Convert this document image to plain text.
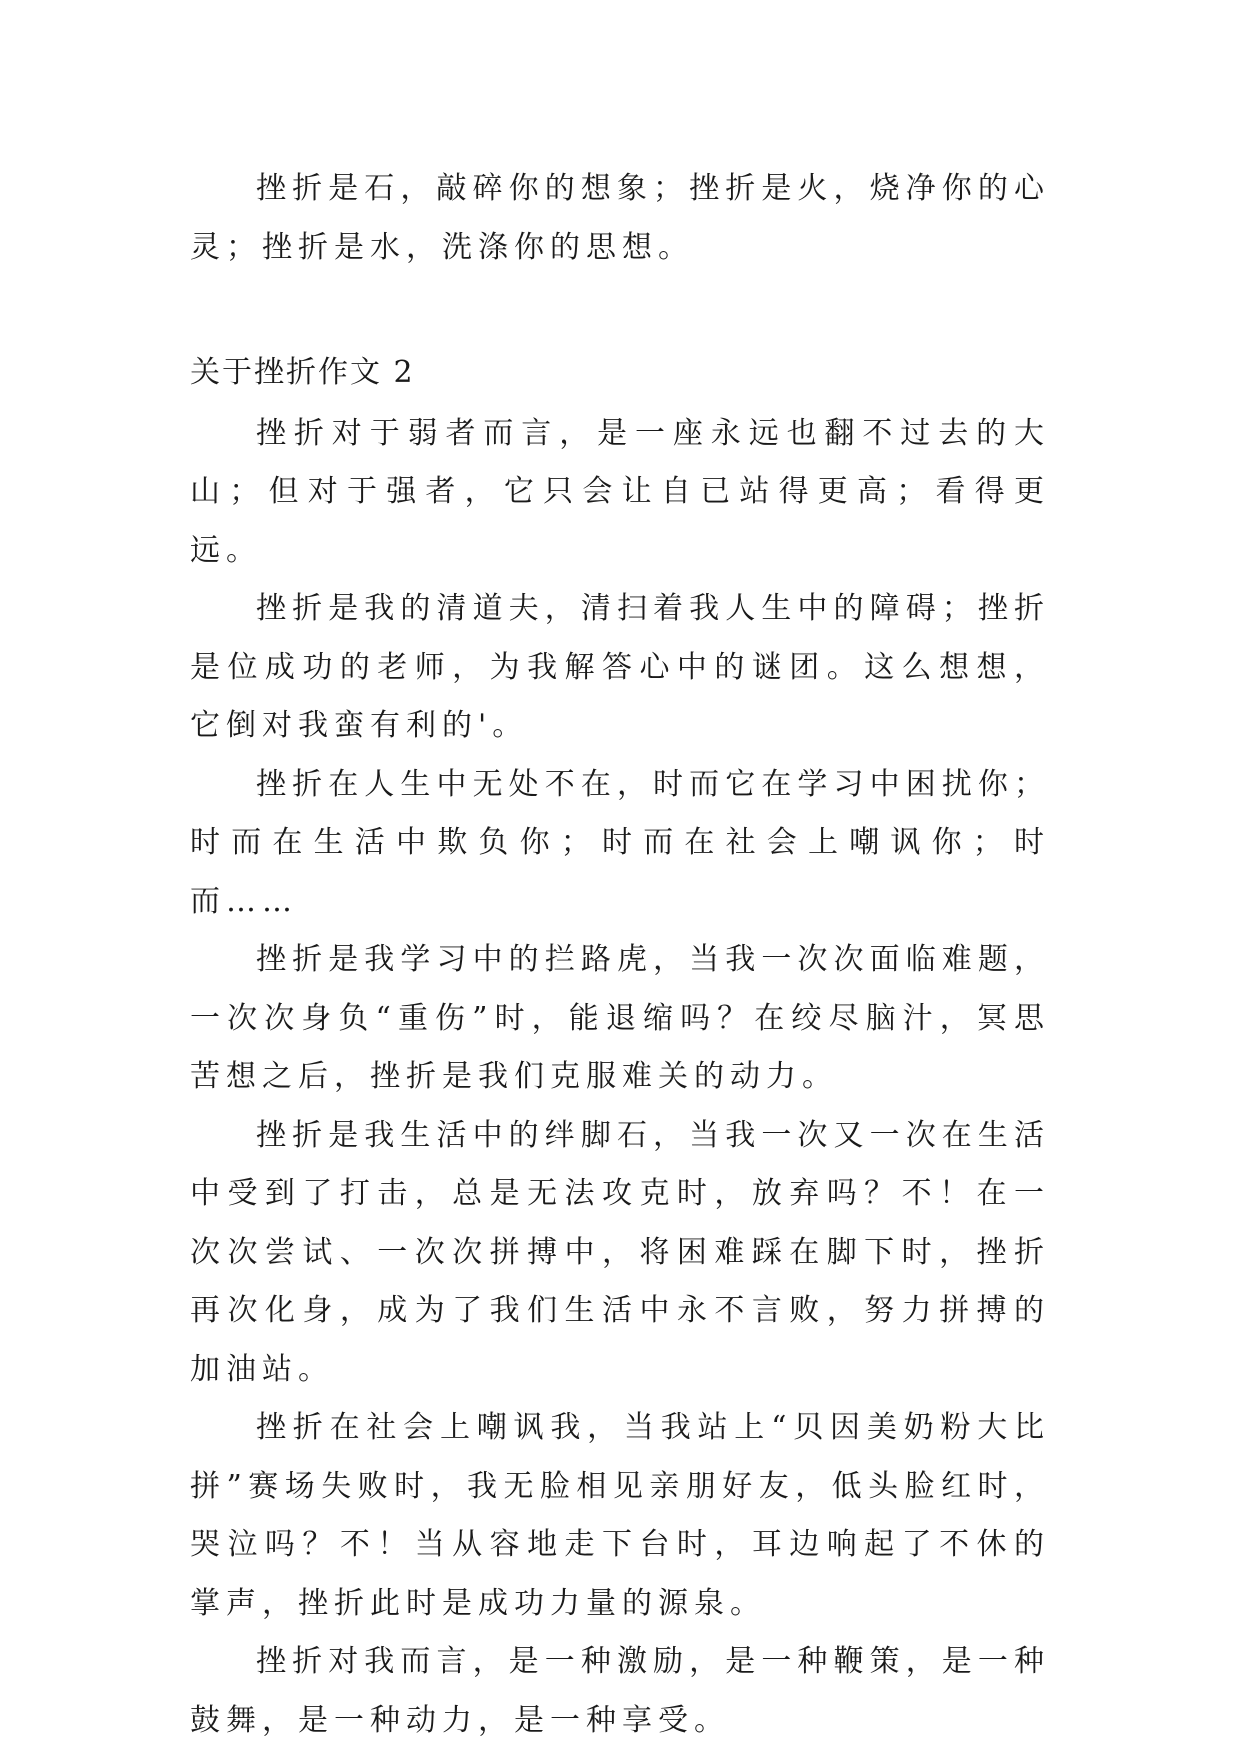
挫折是石，敲碎你的想象；挫折是火，烧净你的心灵；挫折是水，洗涤你的思想。

关于挫折作文 2

挫折对于弱者而言，是一座永远也翻不过去的大山；但对于强者，它只会让自已站得更高；看得更远。

挫折是我的清道夫，清扫着我人生中的障碍；挫折是位成功的老师，为我解答心中的谜团。这么想想，它倒对我蛮有利的'。

挫折在人生中无处不在，时而它在学习中困扰你；时而在生活中欺负你；时而在社会上嘲讽你；时而……

挫折是我学习中的拦路虎，当我一次次面临难题，一次次身负“重伤”时，能退缩吗？在绞尽脑汁，冥思苦想之后，挫折是我们克服难关的动力。

挫折是我生活中的绊脚石，当我一次又一次在生活中受到了打击，总是无法攻克时，放弃吗？不！在一次次尝试、一次次拼搏中，将困难踩在脚下时，挫折再次化身，成为了我们生活中永不言败，努力拼搏的加油站。

挫折在社会上嘲讽我，当我站上“贝因美奶粉大比拼”赛场失败时，我无脸相见亲朋好友，低头脸红时，哭泣吗？不！当从容地走下台时，耳边响起了不休的掌声，挫折此时是成功力量的源泉。

挫折对我而言，是一种激励，是一种鞭策，是一种鼓舞，是一种动力，是一种享受。
